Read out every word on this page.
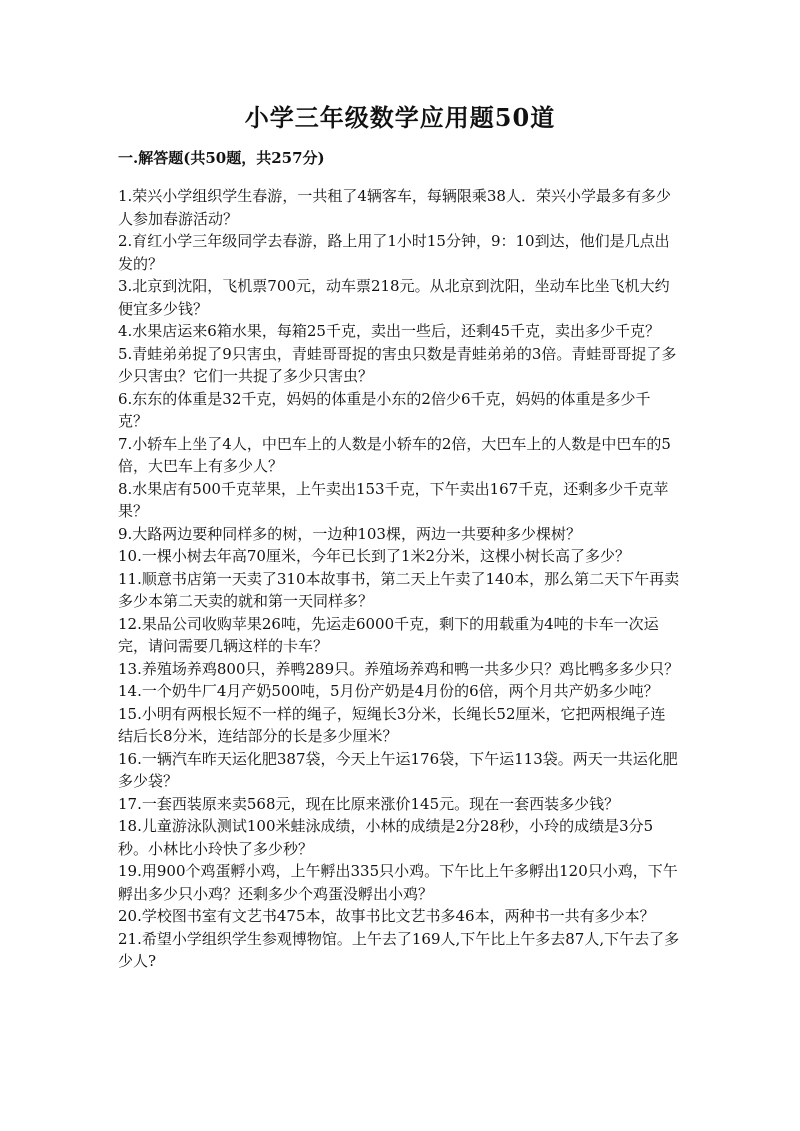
小学三年级数学应用题50道
一.解答题(共50题，共257分)
1.荣兴小学组织学生春游，一共租了4辆客车，每辆限乘38人．荣兴小学最多有多少人参加春游活动？
2.育红小学三年级同学去春游，路上用了1小时15分钟，9：10到达，他们是几点出发的？
3.北京到沈阳，飞机票700元，动车票218元。从北京到沈阳，坐动车比坐飞机大约便宜多少钱？
4.水果店运来6箱水果，每箱25千克，卖出一些后，还剩45千克，卖出多少千克？
5.青蛙弟弟捉了9只害虫，青蛙哥哥捉的害虫只数是青蛙弟弟的3倍。青蛙哥哥捉了多少只害虫？它们一共捉了多少只害虫？
6.东东的体重是32千克，妈妈的体重是小东的2倍少6千克，妈妈的体重是多少千克？
7.小轿车上坐了4人，中巴车上的人数是小轿车的2倍，大巴车上的人数是中巴车的5倍，大巴车上有多少人？
8.水果店有500千克苹果，上午卖出153千克，下午卖出167千克，还剩多少千克苹果？
9.大路两边要种同样多的树，一边种103棵，两边一共要种多少棵树？
10.一棵小树去年高70厘米，今年已长到了1米2分米，这棵小树长高了多少？
11.顺意书店第一天卖了310本故事书，第二天上午卖了140本，那么第二天下午再卖多少本第二天卖的就和第一天同样多？
12.果品公司收购苹果26吨，先运走6000千克，剩下的用载重为4吨的卡车一次运完，请问需要几辆这样的卡车？
13.养殖场养鸡800只，养鸭289只。养殖场养鸡和鸭一共多少只？鸡比鸭多多少只？
14.一个奶牛厂4月产奶500吨，5月份产奶是4月份的6倍，两个月共产奶多少吨？
15.小明有两根长短不一样的绳子，短绳长3分米，长绳长52厘米，它把两根绳子连结后长8分米，连结部分的长是多少厘米？
16.一辆汽车昨天运化肥387袋，今天上午运176袋，下午运113袋。两天一共运化肥多少袋？
17.一套西装原来卖568元，现在比原来涨价145元。现在一套西装多少钱？
18.儿童游泳队测试100米蛙泳成绩，小林的成绩是2分28秒，小玲的成绩是3分5秒。小林比小玲快了多少秒？
19.用900个鸡蛋孵小鸡，上午孵出335只小鸡。下午比上午多孵出120只小鸡，下午孵出多少只小鸡？还剩多少个鸡蛋没孵出小鸡？
20.学校图书室有文艺书475本，故事书比文艺书多46本，两种书一共有多少本？
21.希望小学组织学生参观博物馆。上午去了169人,下午比上午多去87人,下午去了多少人?
